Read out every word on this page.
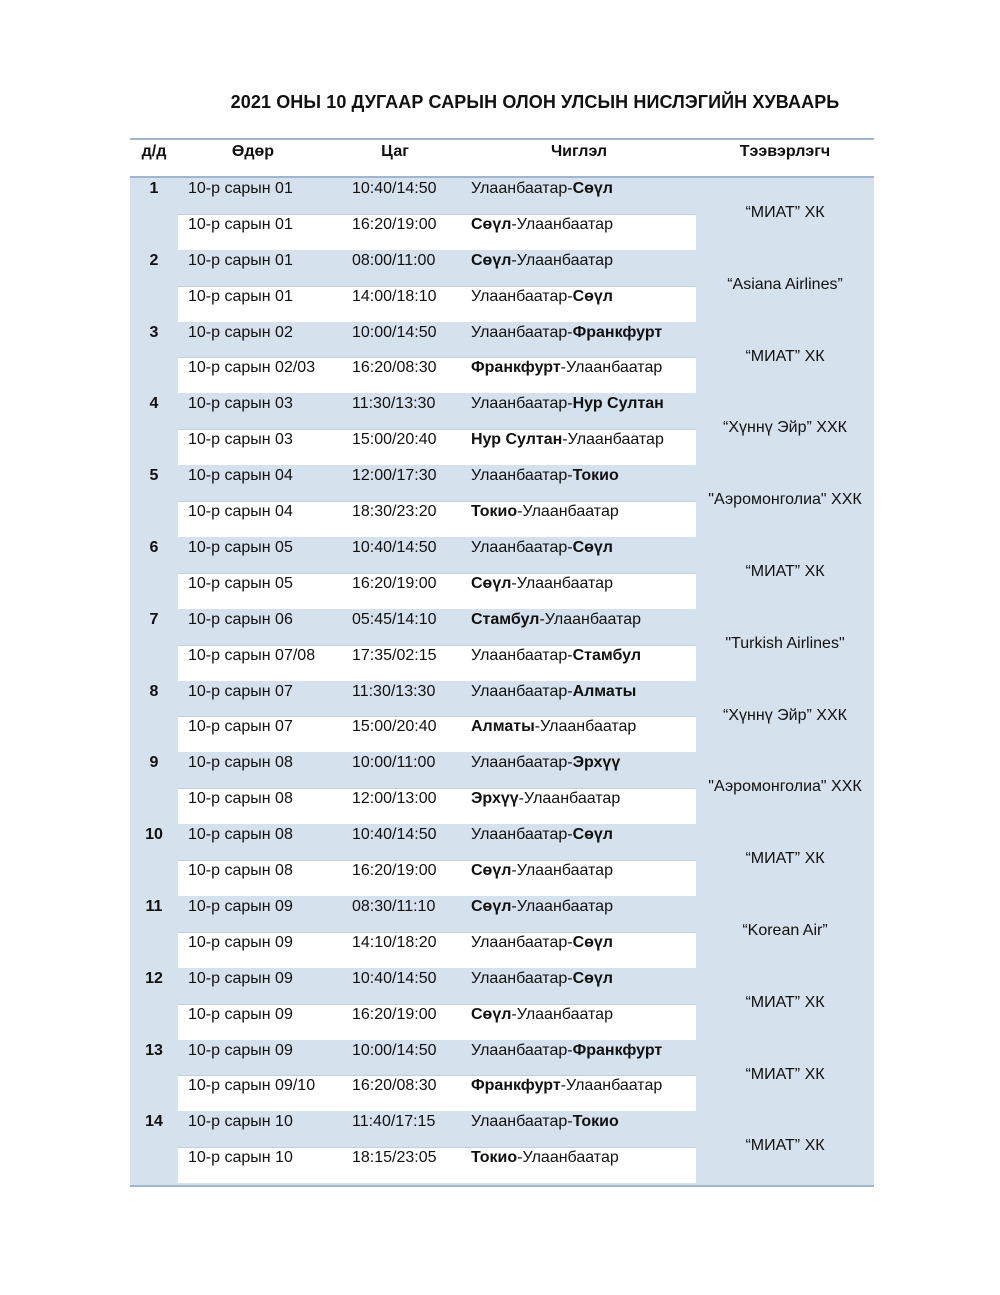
2021 ОНЫ 10 ДУГААР САРЫН ОЛОН УЛСЫН НИСЛЭГИЙН ХУВААРЬ
д/д	Өдөр	Цаг	Чиглэл	Тээвэрлэгч
1	10-р сарын 01	10:40/14:50 Улаанбаатар-Сөүл
10-р сарын 01	16:20/19:00 Сөүл-Улаанбаатар
“МИАТ” ХК
2	10-р сарын 01	08:00/11:00 Сөүл-Улаанбаатар
10-р сарын 01	14:00/18:10 Улаанбаатар-Сөүл
“Asiana Airlines”
3	10-р сарын 02	10:00/14:50 Улаанбаатар-Франкфурт
10-р сарын 02/03 16:20/08:30 Франкфурт-Улаанбаатар
“МИАТ” ХК
4	10-р сарын 03	11:30/13:30 Улаанбаатар-Нур Султан
10-р сарын 03	15:00/20:40 Нур Султан-Улаанбаатар
“Хүннү Эйр” ХХК
5	10-р сарын 04	12:00/17:30 Улаанбаатар-Токио
10-р сарын 04	18:30/23:20 Токио-Улаанбаатар
"Аэромонголиа" ХХК
6	10-р сарын 05	10:40/14:50 Улаанбаатар-Сөүл
10-р сарын 05	16:20/19:00 Сөүл-Улаанбаатар
“МИАТ” ХК
7	10-р сарын 06	05:45/14:10 Стамбул-Улаанбаатар
10-р сарын 07/08 17:35/02:15 Улаанбаатар-Стамбул
"Turkish Airlines"
8	10-р сарын 07	11:30/13:30 Улаанбаатар-Алматы
10-р сарын 07	15:00/20:40 Алматы-Улаанбаатар
“Хүннү Эйр” ХХК
9	10-р сарын 08	10:00/11:00 Улаанбаатар-Эрхүү
10-р сарын 08	12:00/13:00 Эрхүү-Улаанбаатар
"Аэромонголиа" ХХК
10	10-р сарын 08	10:40/14:50 Улаанбаатар-Сөүл
10-р сарын 08	16:20/19:00 Сөүл-Улаанбаатар
“МИАТ” ХК
11	10-р сарын 09	08:30/11:10 Сөүл-Улаанбаатар
10-р сарын 09	14:10/18:20 Улаанбаатар-Сөүл
“Korean Air”
12	10-р сарын 09	10:40/14:50 Улаанбаатар-Сөүл
10-р сарын 09	16:20/19:00 Сөүл-Улаанбаатар
“МИАТ” ХК
13	10-р сарын 09	10:00/14:50 Улаанбаатар-Франкфурт
10-р сарын 09/10 16:20/08:30 Франкфурт-Улаанбаатар
“МИАТ” ХК
14	10-р сарын 10	11:40/17:15 Улаанбаатар-Токио
10-р сарын 10	18:15/23:05 Токио-Улаанбаатар
“МИАТ” ХК
